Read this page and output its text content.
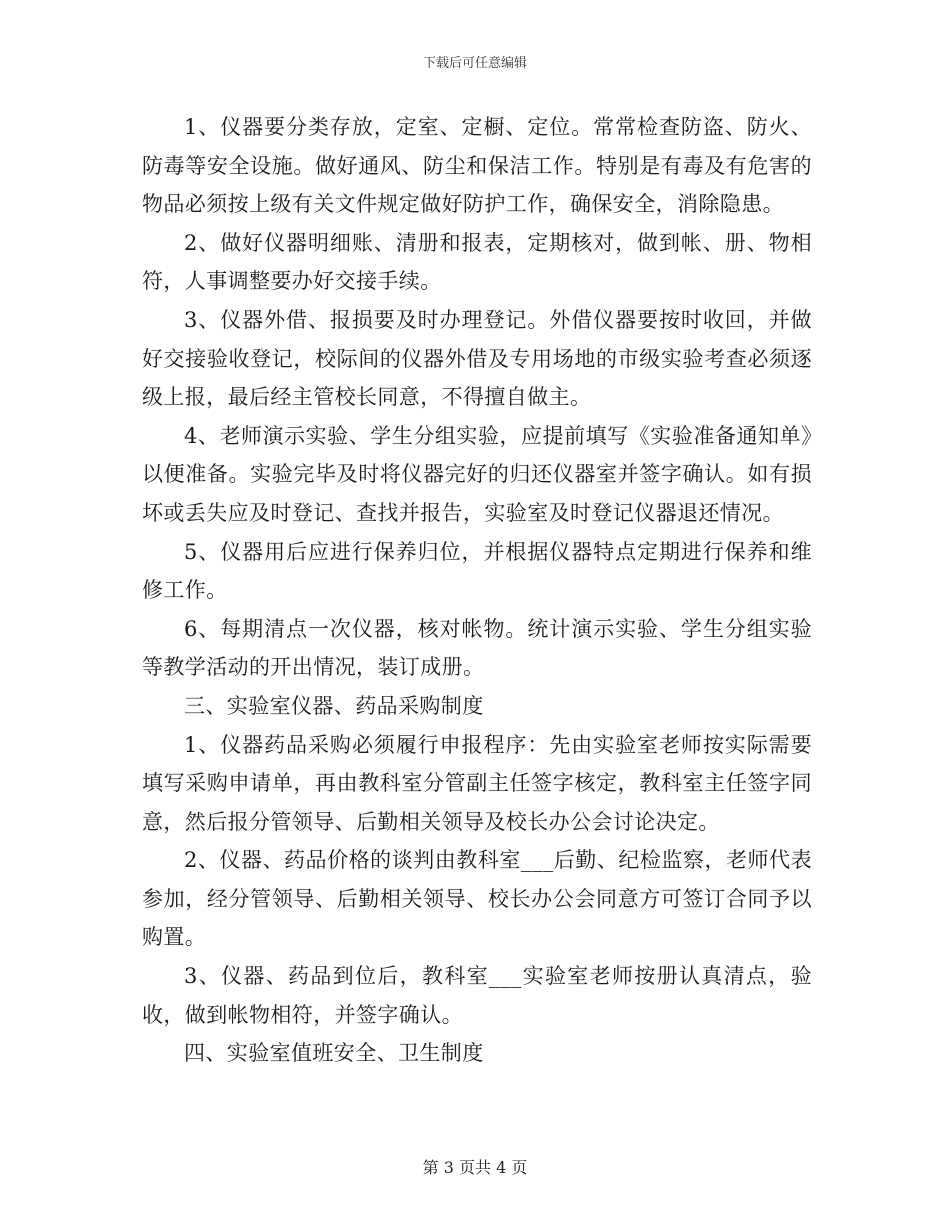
下载后可任意编辑

1、仪器要分类存放，定室、定橱、定位。常常检查防盗、防火、防毒等安全设施。做好通风、防尘和保洁工作。特别是有毒及有危害的物品必须按上级有关文件规定做好防护工作，确保安全，消除隐患。

2、做好仪器明细账、清册和报表，定期核对，做到帐、册、物相符，人事调整要办好交接手续。

3、仪器外借、报损要及时办理登记。外借仪器要按时收回，并做好交接验收登记，校际间的仪器外借及专用场地的市级实验考查必须逐级上报，最后经主管校长同意，不得擅自做主。

4、老师演示实验、学生分组实验，应提前填写《实验准备通知单》以便准备。实验完毕及时将仪器完好的归还仪器室并签字确认。如有损坏或丢失应及时登记、查找并报告，实验室及时登记仪器退还情况。

5、仪器用后应进行保养归位，并根据仪器特点定期进行保养和维修工作。

6、每期清点一次仪器，核对帐物。统计演示实验、学生分组实验等教学活动的开出情况，装订成册。

三、实验室仪器、药品采购制度

1、仪器药品采购必须履行申报程序：先由实验室老师按实际需要填写采购申请单，再由教科室分管副主任签字核定，教科室主任签字同意，然后报分管领导、后勤相关领导及校长办公会讨论决定。

2、仪器、药品价格的谈判由教科室___后勤、纪检监察，老师代表参加，经分管领导、后勤相关领导、校长办公会同意方可签订合同予以购置。

3、仪器、药品到位后，教科室___实验室老师按册认真清点，验收，做到帐物相符，并签字确认。

四、实验室值班安全、卫生制度

第 3 页共 4 页
